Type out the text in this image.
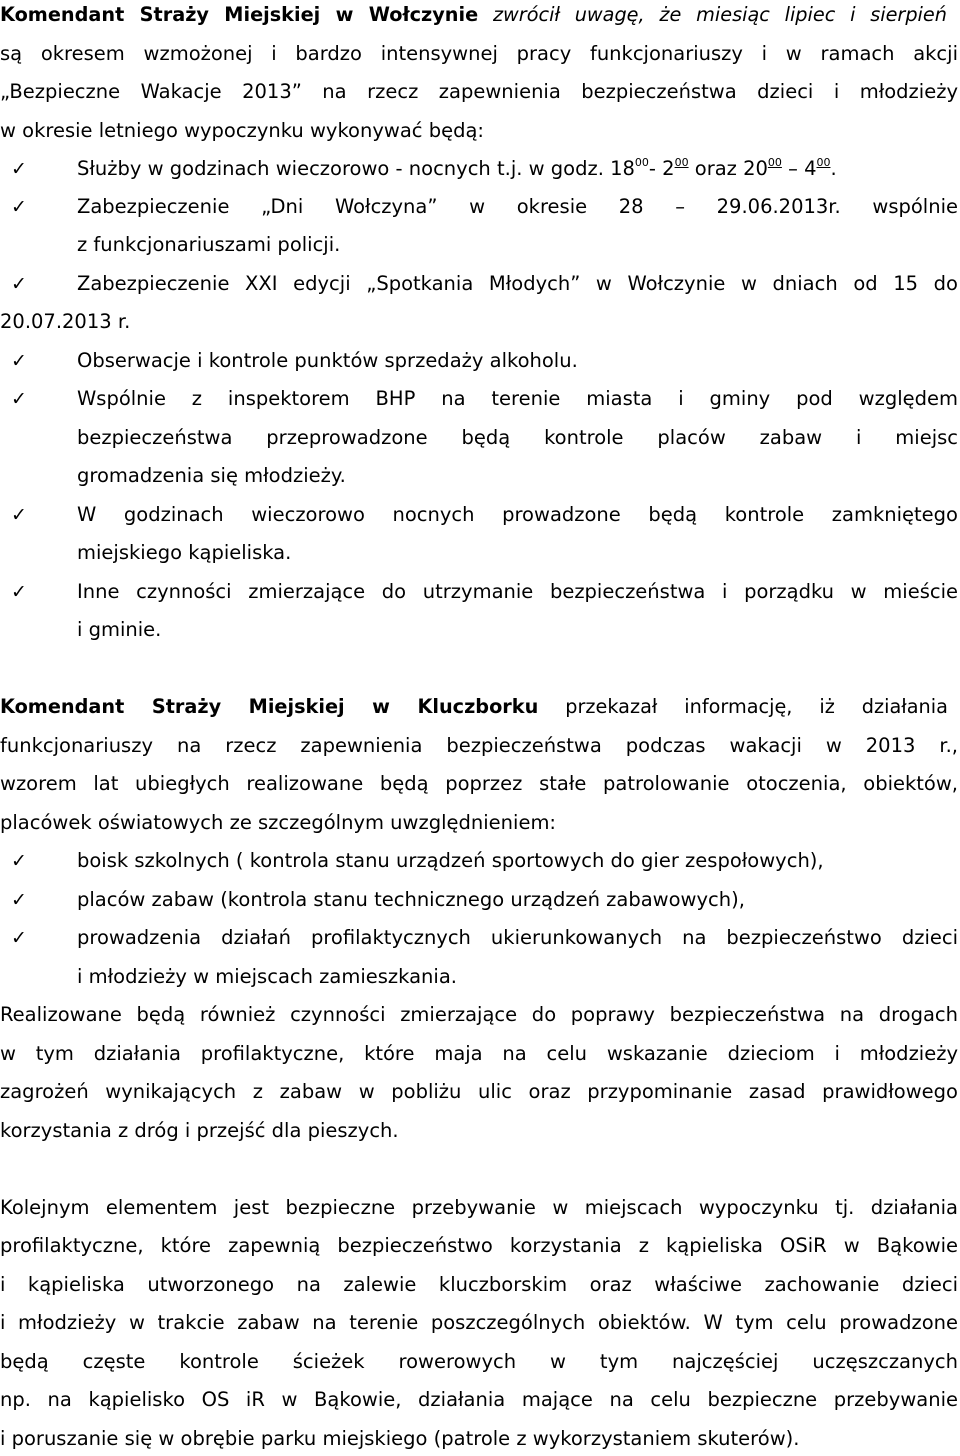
Komendant Straży Miejskiej w Wołczynie zwrócił uwagę, że miesiąc lipiec i sierpień
są okresem wzmożonej i bardzo intensywnej pracy funkcjonariuszy i w ramach akcji
„Bezpieczne Wakacje 2013” na rzecz zapewnienia bezpieczeństwa dzieci i młodzieży
w okresie letniego wypoczynku wykonywać będą:
✓	Służby w godzinach wieczorowo - nocnych t.j. w godz. $18^{00}-$ $2^{00}$ oraz $20^{00} - 4^{00}$.
✓	Zabezpieczenie „Dni Wołczyna” w okresie 28 – 29.06.2013r. wspólnie
z funkcjonariuszami policji.
✓	Zabezpieczenie XXI edycji „Spotkania Młodych” w Wołczynie w dniach od 15 do
20.07.2013 r.
✓	Obserwacje i kontrole punktów sprzedaży alkoholu.
✓	Wspólnie z inspektorem BHP na terenie miasta i gminy pod względem
bezpieczeństwa przeprowadzone będą kontrole placów zabaw i miejsc
gromadzenia się młodzieży.
✓	W godzinach wieczorowo nocnych prowadzone będą kontrole zamkniętego
miejskiego kąpieliska.
✓	Inne czynności zmierzające do utrzymanie bezpieczeństwa i porządku w mieście
i gminie.
Komendant Straży Miejskiej w Kluczborku przekazał informację, iż działania
funkcjonariuszy na rzecz zapewnienia bezpieczeństwa podczas wakacji w 2013 r.,
wzorem lat ubiegłych realizowane będą poprzez stałe patrolowanie otoczenia, obiektów,
placówek oświatowych ze szczególnym uwzględnieniem:
✓	boisk szkolnych ( kontrola stanu urządzeń sportowych do gier zespołowych),
✓	placów zabaw (kontrola stanu technicznego urządzeń zabawowych),
✓	prowadzenia działań profilaktycznych ukierunkowanych na bezpieczeństwo dzieci
i młodzieży w miejscach zamieszkania.
Realizowane będą również czynności zmierzające do poprawy bezpieczeństwa na drogach
w tym działania profilaktyczne, które maja na celu wskazanie dzieciom i młodzieży
zagrożeń wynikających z zabaw w pobliżu ulic oraz przypominanie zasad prawidłowego
korzystania z dróg i przejść dla pieszych.
Kolejnym elementem jest bezpieczne przebywanie w miejscach wypoczynku tj. działania
profilaktyczne, które zapewnią bezpieczeństwo korzystania z kąpieliska OSiR w Bąkowie
i kąpieliska utworzonego na zalewie kluczborskim oraz właściwe zachowanie dzieci
i młodzieży w trakcie zabaw na terenie poszczególnych obiektów. W tym celu prowadzone
będą częste kontrole ścieżek rowerowych w tym najczęściej uczęszczanych
np. na kąpielisko OS iR w Bąkowie, działania mające na celu bezpieczne przebywanie
i poruszanie się w obrębie parku miejskiego (patrole z wykorzystaniem skuterów).
